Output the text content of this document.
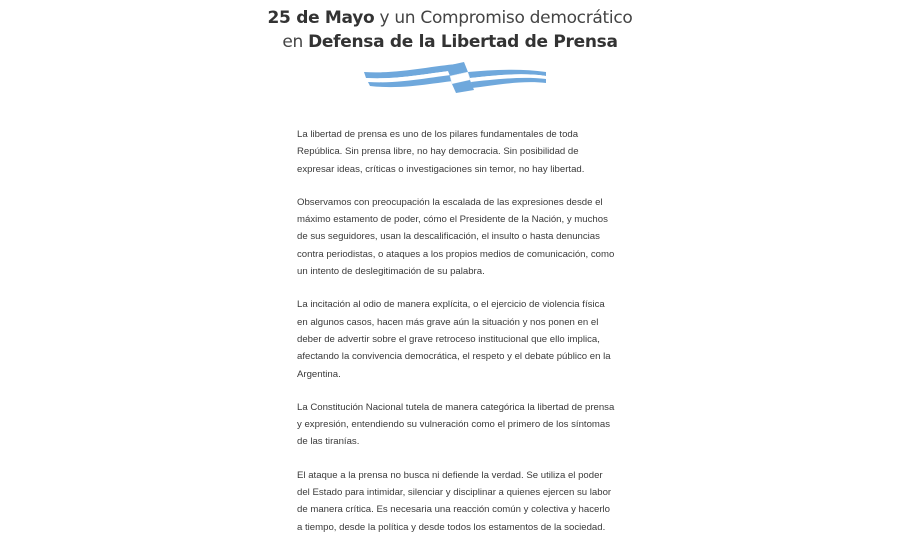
25 de Mayo y un Compromiso democrático
en Defensa de la Libertad de Prensa

La libertad de prensa es uno de los pilares fundamentales de toda República. Sin prensa libre, no hay democracia. Sin posibilidad de expresar ideas, críticas o investigaciones sin temor, no hay libertad.

Observamos con preocupación la escalada de las expresiones desde el máximo estamento de poder, cómo el Presidente de la Nación, y muchos de sus seguidores, usan la descalificación, el insulto o hasta denuncias contra periodistas, o ataques a los propios medios de comunicación, como un intento de deslegitimación de su palabra.

La incitación al odio de manera explícita, o el ejercicio de violencia física en algunos casos, hacen más grave aún la situación y nos ponen en el deber de advertir sobre el grave retroceso institucional que ello implica, afectando la convivencia democrática, el respeto y el debate público en la Argentina.

La Constitución Nacional tutela de manera categórica la libertad de prensa y expresión, entendiendo su vulneración como el primero de los síntomas de las tiranías.

El ataque a la prensa no busca ni defiende la verdad. Se utiliza el poder del Estado para intimidar, silenciar y disciplinar a quienes ejercen su labor de manera crítica. Es necesaria una reacción común y colectiva y hacerlo a tiempo, desde la política y desde todos los estamentos de la sociedad.
